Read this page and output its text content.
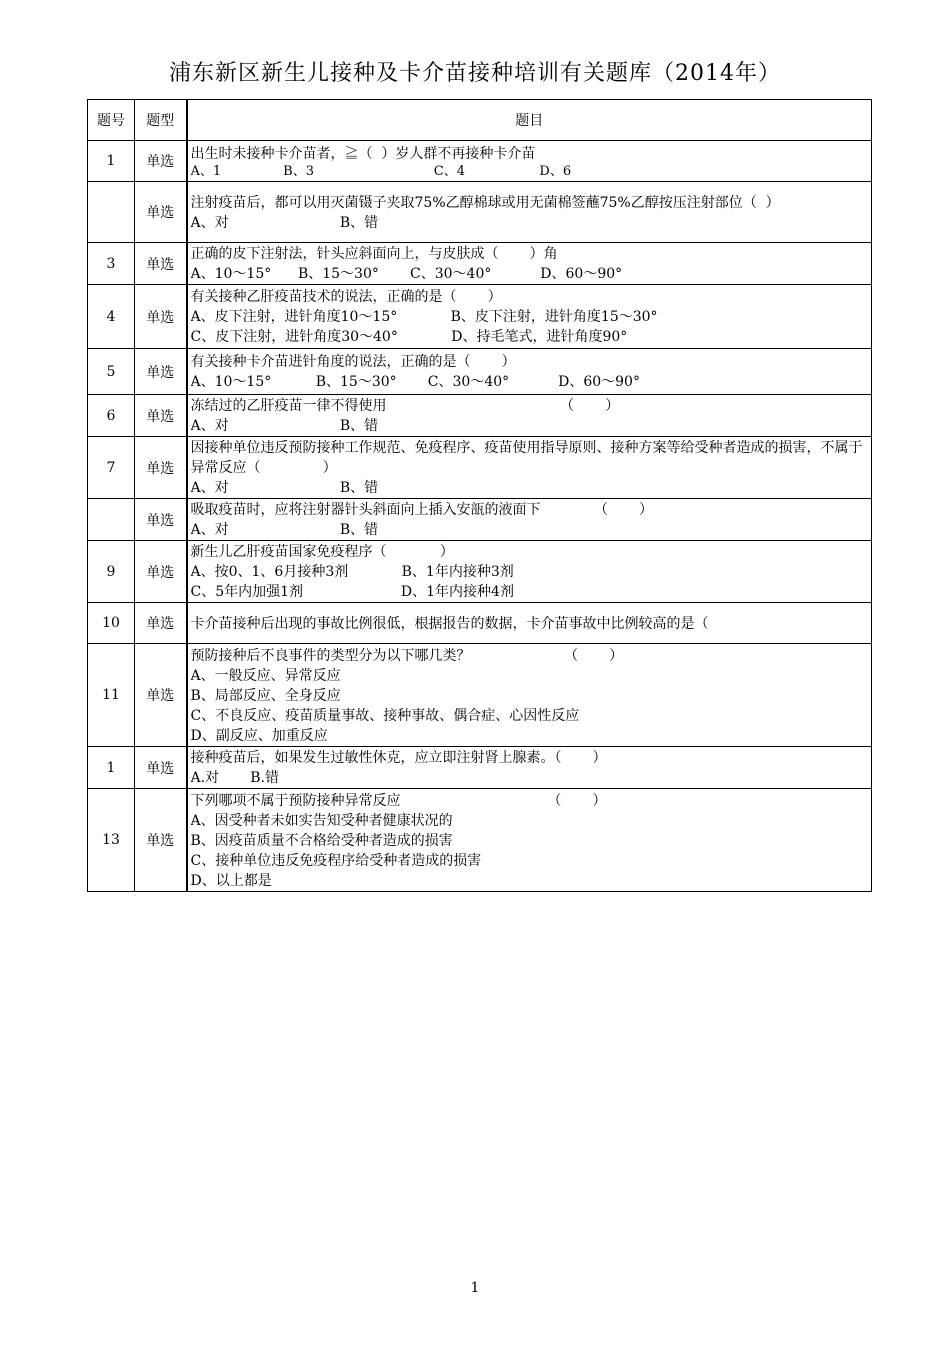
浦东新区新生儿接种及卡介苗接种培训有关题库（2014年）
题号	题型	题目
1	单选	出生时未接种卡介苗者，≧（  ）岁人群不再接种卡介苗
A、1               B、3                             C、4                  D、6

	单选	注射疫苗后，都可以用灭菌镊子夹取75%乙醇棉球或用无菌棉签蘸75%乙醇按压注射部位（  ）
A、对                         B、错

3	单选	正确的皮下注射法，针头应斜面向上，与皮肤成（       ）角
A、10～15°      B、15～30°       C、30～40°           D、60～90°

4	单选	有关接种乙肝疫苗技术的说法，正确的是（       ）
A、皮下注射，进针角度10～15°            B、皮下注射，进针角度15～30°
C、皮下注射，进针角度30～40°            D、持毛笔式，进针角度90°

5	单选	有关接种卡介苗进针角度的说法，正确的是（       ）
A、10～15°          B、15～30°       C、30～40°           D、60～90°

6	单选	冻结过的乙肝疫苗一律不得使用                                       （       ）
A、对                         B、错

7	单选	因接种单位违反预防接种工作规范、免疫程序、疫苗使用指导原则、接种方案等给受种者造成的损害，不属于异常反应（              ）
A、对                         B、错

	单选	吸取疫苗时，应将注射器针头斜面向上插入安瓿的液面下            （       ）
A、对                         B、错

9	单选	新生儿乙肝疫苗国家免疫程序（            ）
A、按0、1、6月接种3剂            B、1年内接种3剂
C、5年内加强1剂                      D、1年内接种4剂

10	单选	卡介苗接种后出现的事故比例很低，根据报告的数据，卡介苗事故中比例较高的是（

11	单选	预防接种后不良事件的类型分为以下哪几类？                     （       ）
A、一般反应、异常反应
B、局部反应、全身反应
C、不良反应、疫苗质量事故、接种事故、偶合症、心因性反应
D、副反应、加重反应

1	单选	接种疫苗后，如果发生过敏性休克，应立即注射肾上腺素。（       ）
A.对       B.错

13	单选	下列哪项不属于预防接种异常反应                                 （       ）
A、因受种者未如实告知受种者健康状况的
B、因疫苗质量不合格给受种者造成的损害
C、接种单位违反免疫程序给受种者造成的损害
D、以上都是
1
